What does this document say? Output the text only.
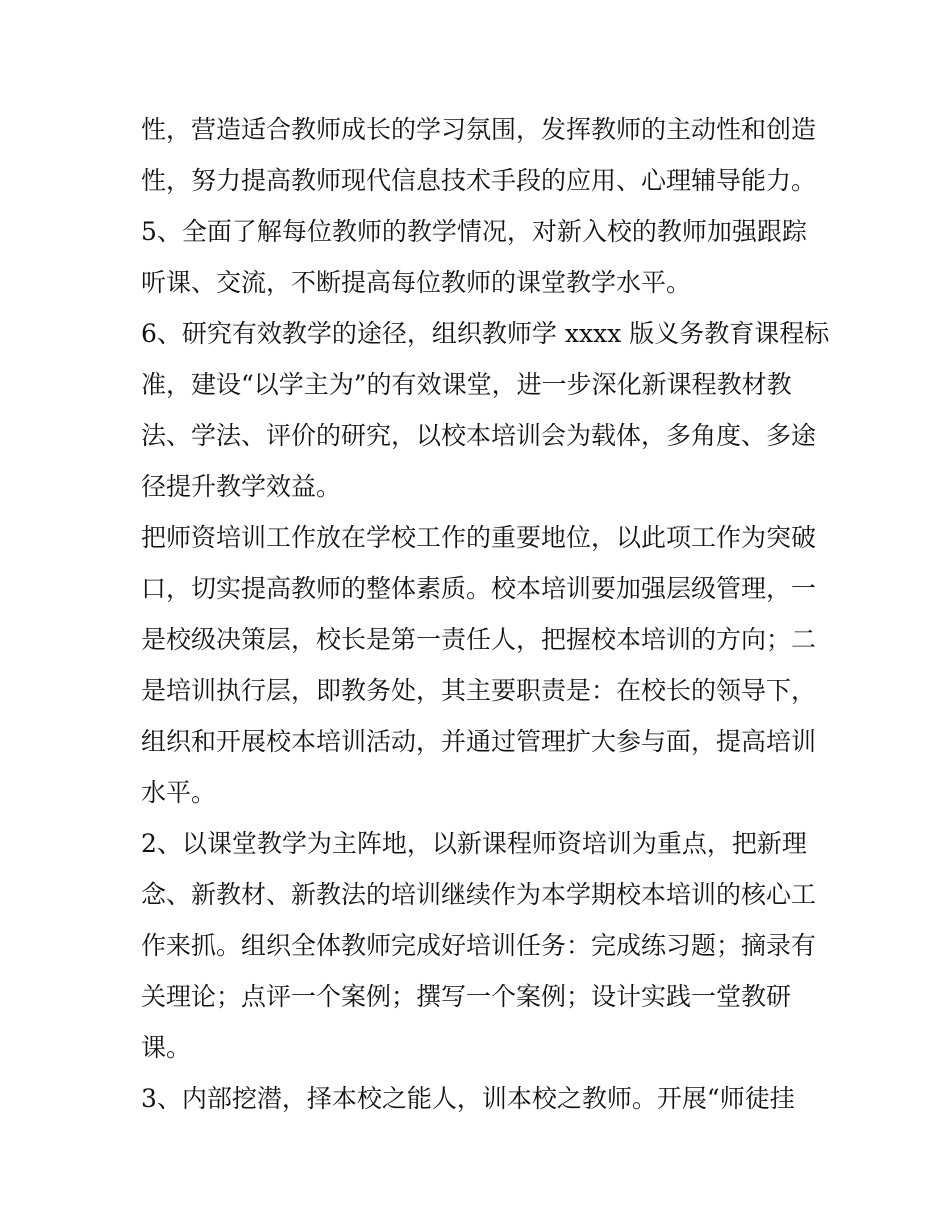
性，营造适合教师成长的学习氛围，发挥教师的主动性和创造
性，努力提高教师现代信息技术手段的应用、心理辅导能力。
5、全面了解每位教师的教学情况，对新入校的教师加强跟踪
听课、交流，不断提高每位教师的课堂教学水平。
6、研究有效教学的途径，组织教师学 xxxx 版义务教育课程标
准，建设“以学主为”的有效课堂，进一步深化新课程教材教
法、学法、评价的研究，以校本培训会为载体，多角度、多途
径提升教学效益。
把师资培训工作放在学校工作的重要地位，以此项工作为突破
口，切实提高教师的整体素质。校本培训要加强层级管理，一
是校级决策层，校长是第一责任人，把握校本培训的方向；二
是培训执行层，即教务处，其主要职责是：在校长的领导下，
组织和开展校本培训活动，并通过管理扩大参与面，提高培训
水平。
2、以课堂教学为主阵地，以新课程师资培训为重点，把新理
念、新教材、新教法的培训继续作为本学期校本培训的核心工
作来抓。组织全体教师完成好培训任务：完成练习题；摘录有
关理论；点评一个案例；撰写一个案例；设计实践一堂教研
课。
3、内部挖潜，择本校之能人，训本校之教师。开展“师徒挂
